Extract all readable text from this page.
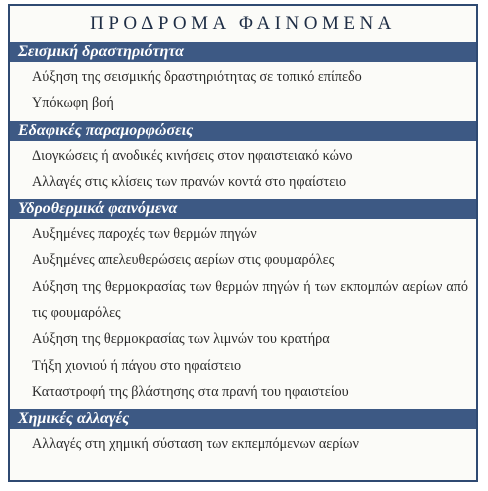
ΠΡΟΔΡΟΜΑ ΦΑΙΝΟΜΕΝΑ
Σεισμική δραστηριότητα
Αύξηση της σεισμικής δραστηριότητας σε τοπικό επίπεδο
Υπόκωφη βοή
Εδαφικές παραμορφώσεις
Διογκώσεις ή ανοδικές κινήσεις στον ηφαιστειακό κώνο
Αλλαγές στις κλίσεις των πρανών κοντά στο ηφαίστειο
Υδροθερμικά φαινόμενα
Αυξημένες παροχές των θερμών πηγών
Αυξημένες απελευθερώσεις αερίων στις φουμαρόλες
Αύξηση της θερμοκρασίας των θερμών πηγών ή των εκπομπών αερίων από τις φουμαρόλες
Αύξηση της θερμοκρασίας των λιμνών του κρατήρα
Τήξη χιονιού ή πάγου στο ηφαίστειο
Καταστροφή της βλάστησης στα πρανή του ηφαιστείου
Χημικές αλλαγές
Αλλαγές στη χημική σύσταση των εκπεμπόμενων αερίων
